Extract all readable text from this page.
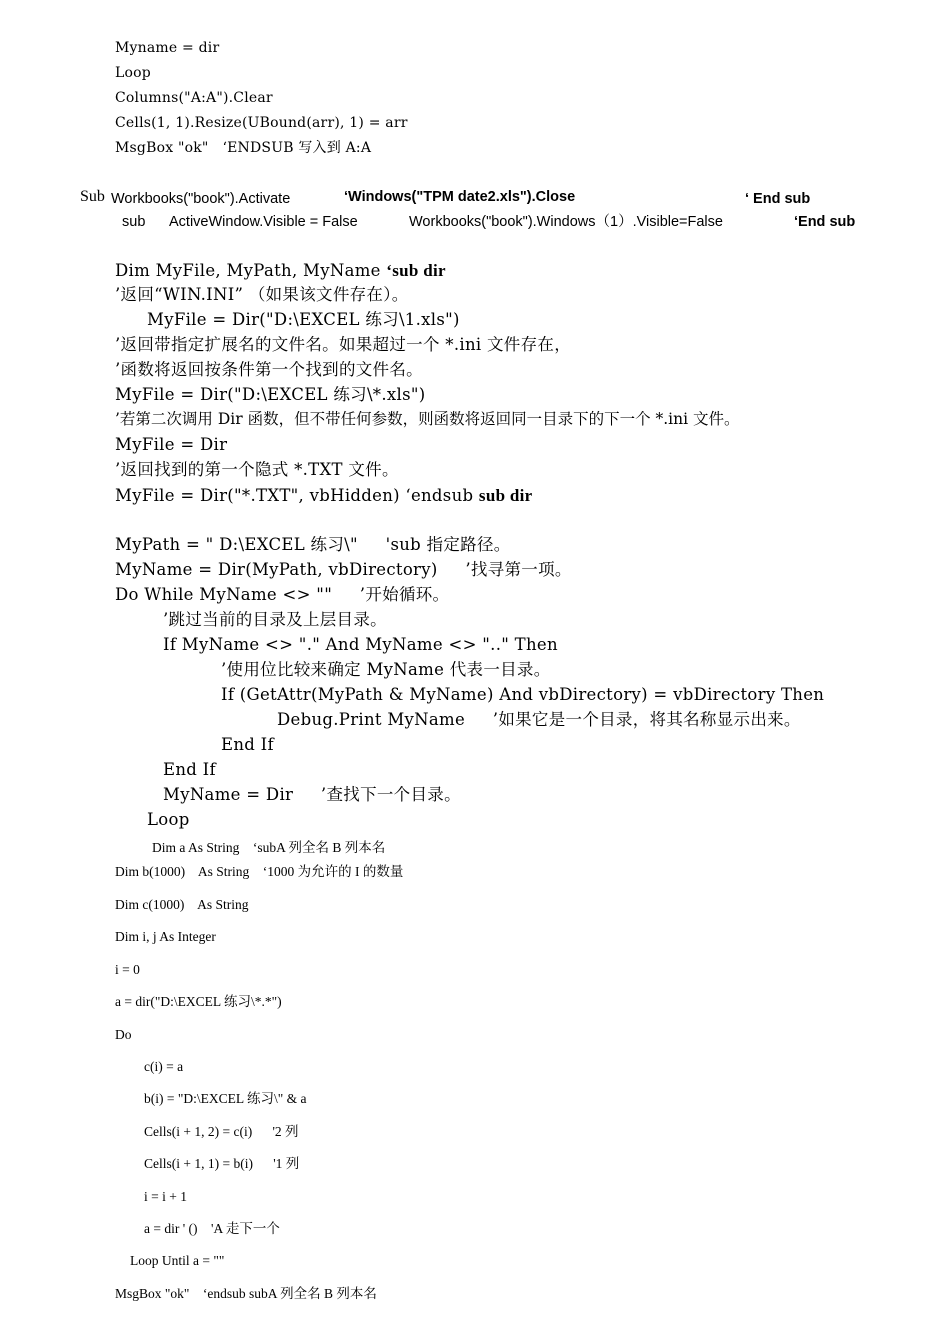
Myname = dir
Loop
Columns("A:A").Clear
Cells(1, 1).Resize(UBound(arr), 1) = arr
MsgBox "ok"   ‘ENDSUB 写入到 A:A
Sub Workbooks("book").Activate	‘Windows("TPM date2.xls").Close	‘ End sub
sub ActiveWindow.Visible = False	Workbooks("book").Windows（1）.Visible=False	‘End sub
Dim MyFile, MyPath, MyName ‘sub dir
’返回“WIN.INI” （如果该文件存在）。
MyFile = Dir("D:\EXCEL 练习\1.xls")
’返回带指定扩展名的文件名。如果超过一个 *.ini 文件存在，
’函数将返回按条件第一个找到的文件名。
MyFile = Dir("D:\EXCEL 练习\*.xls")
’若第二次调用 Dir 函数，但不带任何参数，则函数将返回同一目录下的下一个 *.ini 文件。
MyFile = Dir
’返回找到的第一个隐式 *.TXT 文件。
MyFile = Dir("*.TXT", vbHidden) ‘endsub sub dir
MyPath = " D:\EXCEL 练习\"     'sub 指定路径。
MyName = Dir(MyPath, vbDirectory)     ’找寻第一项。
Do While MyName <> ""     ’开始循环。
’跳过当前的目录及上层目录。
If MyName <> "." And MyName <> ".." Then
’使用位比较来确定 MyName 代表一目录。
If (GetAttr(MyPath & MyName) And vbDirectory) = vbDirectory Then
Debug.Print MyName     ’如果它是一个目录，将其名称显示出来。
End If
End If
MyName = Dir     ’查找下一个目录。
Loop
Dim a As String    ‘subA 列全名 B 列本名
Dim b(1000)    As String    ‘1000 为允许的 I 的数量
Dim c(1000)    As String
Dim i, j As Integer
i = 0
a = dir("D:\EXCEL 练习\*.*")
Do
c(i) = a
b(i) = "D:\EXCEL 练习\" & a
Cells(i + 1, 2) = c(i)      '2 列
Cells(i + 1, 1) = b(i)      '1 列
i = i + 1
a = dir ' ()    'A 走下一个
Loop Until a = ""
MsgBox "ok"    ‘endsub subA 列全名 B 列本名
